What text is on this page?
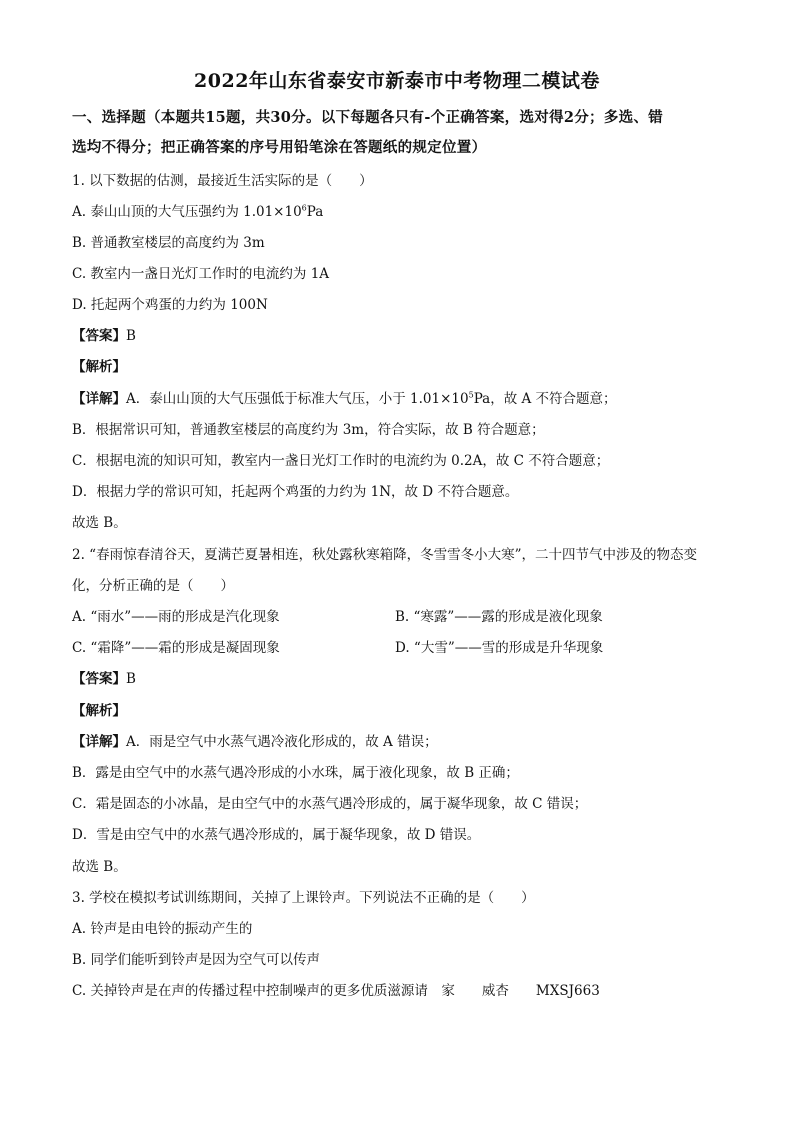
2022年山东省泰安市新泰市中考物理二模试卷
一、选择题（本题共15题，共30分。以下每题各只有-个正确答案，选对得2分；多选、错
选均不得分；把正确答案的序号用铅笔涂在答题纸的规定位置）
1. 以下数据的估测，最接近生活实际的是（　　）
A. 泰山山顶的大气压强约为 $1.01\times 10^6Pa$
B. 普通教室楼层的高度约为 3m
C. 教室内一盏日光灯工作时的电流约为 1A
D. 托起两个鸡蛋的力约为 100N
【答案】B
【解析】
【详解】A．泰山山顶的大气压强低于标准大气压，小于 $1.01\times 10^5Pa$，故 A 不符合题意；
B．根据常识可知，普通教室楼层的高度约为 3m，符合实际，故 B 符合题意；
C．根据电流的知识可知，教室内一盏日光灯工作时的电流约为 0.2A，故 C 不符合题意；
D．根据力学的常识可知，托起两个鸡蛋的力约为 1N，故 D 不符合题意。
故选 B。
2. “春雨惊春清谷天，夏满芒夏暑相连，秋处露秋寒箱降，冬雪雪冬小大寒”，二十四节气中涉及的物态变
化，分析正确的是（　　）
A. “雨水”——雨的形成是汽化现象	B. “寒露”——露的形成是液化现象
C. “霜降”——霜的形成是凝固现象	D. “大雪”——雪的形成是升华现象
【答案】B
【解析】
【详解】A．雨是空气中水蒸气遇冷液化形成的，故 A 错误；
B．露是由空气中的水蒸气遇冷形成的小水珠，属于液化现象，故 B 正确；
C．霜是固态的小冰晶，是由空气中的水蒸气遇冷形成的，属于凝华现象，故 C 错误；
D．雪是由空气中的水蒸气遇冷形成的，属于凝华现象，故 D 错误。
故选 B。
3. 学校在模拟考试训练期间，关掉了上课铃声。下列说法不正确的是（　　）
A. 铃声是由电铃的振动产生的
B. 同学们能听到铃声是因为空气可以传声
C. 关掉铃声是在声的传播过程中控制噪声的更多优质滋源请　家　　威杏　　MXSJ663
